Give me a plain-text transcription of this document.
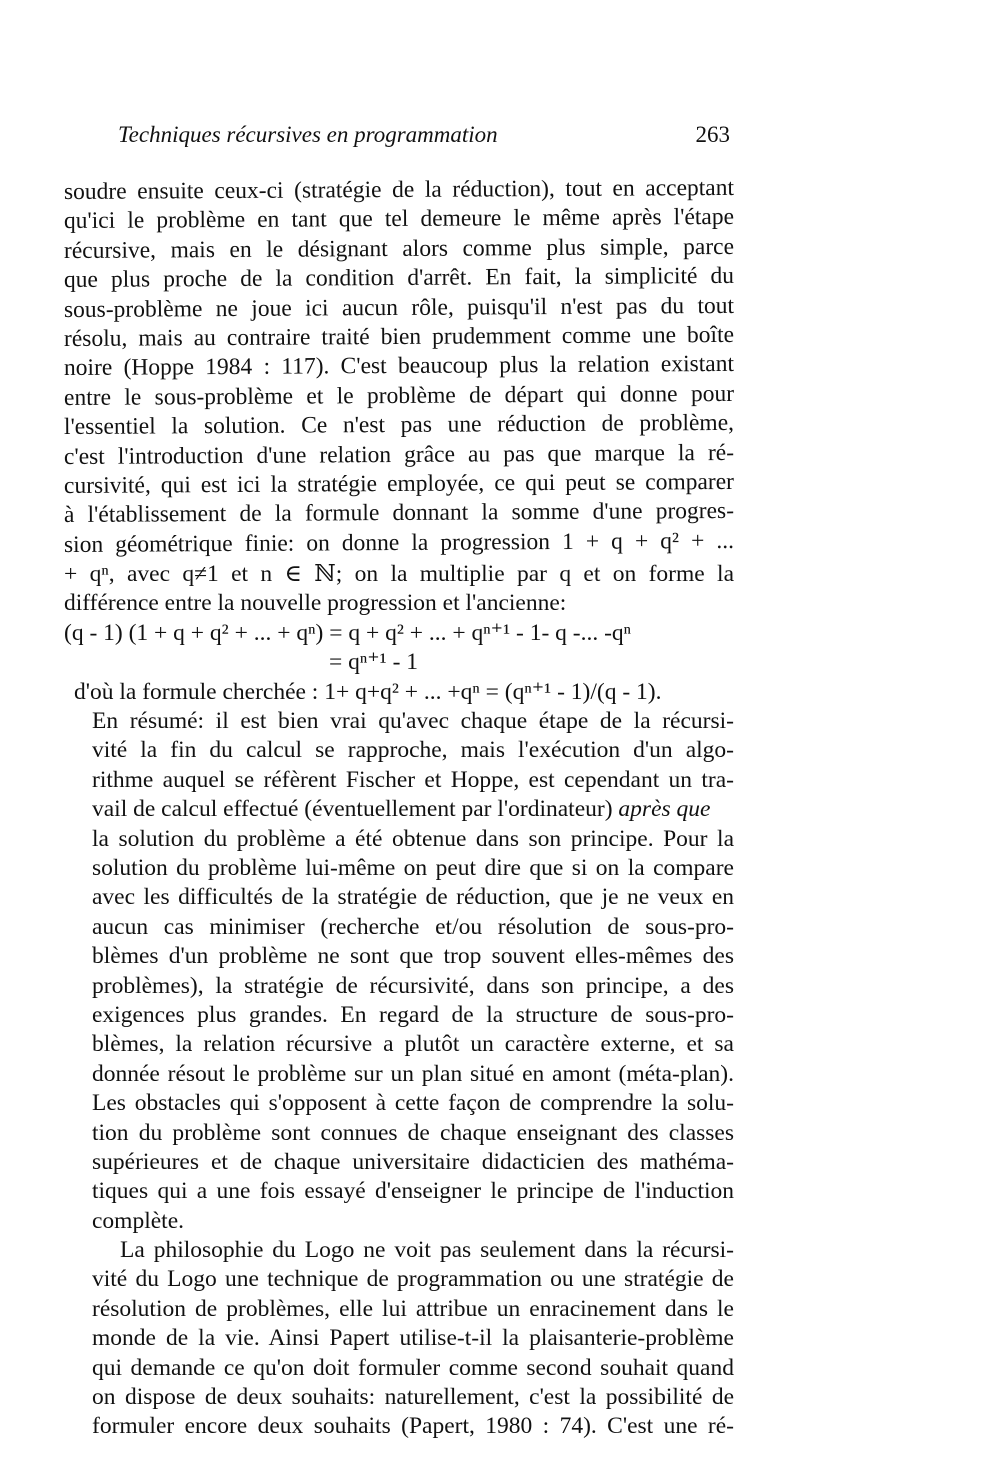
Techniques récursives en programmation	263
soudre ensuite ceux-ci (stratégie de la réduction), tout en acceptant
qu'ici le problème en tant que tel demeure le même après l'étape
récursive, mais en le désignant alors comme plus simple, parce
que plus proche de la condition d'arrêt. En fait, la simplicité du
sous-problème ne joue ici aucun rôle, puisqu'il n'est pas du tout
résolu, mais au contraire traité bien prudemment comme une boîte
noire (Hoppe 1984 : 117). C'est beaucoup plus la relation existant
entre le sous-problème et le problème de départ qui donne pour
l'essentiel la solution. Ce n'est pas une réduction de problème,
c'est l'introduction d'une relation grâce au pas que marque la ré-
cursivité, qui est ici la stratégie employée, ce qui peut se comparer
à l'établissement de la formule donnant la somme d'une progres-
sion géométrique finie: on donne la progression 1 + q + q² + ...
+ qⁿ, avec q≠1 et n ∈ ℕ; on la multiplie par q et on forme la
différence entre la nouvelle progression et l'ancienne:
(q - 1) (1 + q + q² + ... + qⁿ) = q + q² + ... + qⁿ⁺¹ - 1- q -... -qⁿ
= qⁿ⁺¹ - 1
d'où la formule cherchée : 1+ q+q² + ... +qⁿ = (qⁿ⁺¹ - 1)/(q - 1).
En résumé: il est bien vrai qu'avec chaque étape de la récursi-
vité la fin du calcul se rapproche, mais l'exécution d'un algo-
rithme auquel se réfèrent Fischer et Hoppe, est cependant un tra-
vail de calcul effectué (éventuellement par l'ordinateur) après que
la solution du problème a été obtenue dans son principe. Pour la
solution du problème lui-même on peut dire que si on la compare
avec les difficultés de la stratégie de réduction, que je ne veux en
aucun cas minimiser (recherche et/ou résolution de sous-pro-
blèmes d'un problème ne sont que trop souvent elles-mêmes des
problèmes), la stratégie de récursivité, dans son principe, a des
exigences plus grandes. En regard de la structure de sous-pro-
blèmes, la relation récursive a plutôt un caractère externe, et sa
donnée résout le problème sur un plan situé en amont (méta-plan).
Les obstacles qui s'opposent à cette façon de comprendre la solu-
tion du problème sont connues de chaque enseignant des classes
supérieures et de chaque universitaire didacticien des mathéma-
tiques qui a une fois essayé d'enseigner le principe de l'induction
complète.
La philosophie du Logo ne voit pas seulement dans la récursi-
vité du Logo une technique de programmation ou une stratégie de
résolution de problèmes, elle lui attribue un enracinement dans le
monde de la vie. Ainsi Papert utilise-t-il la plaisanterie-problème
qui demande ce qu'on doit formuler comme second souhait quand
on dispose de deux souhaits: naturellement, c'est la possibilité de
formuler encore deux souhaits (Papert, 1980 : 74). C'est une ré-
